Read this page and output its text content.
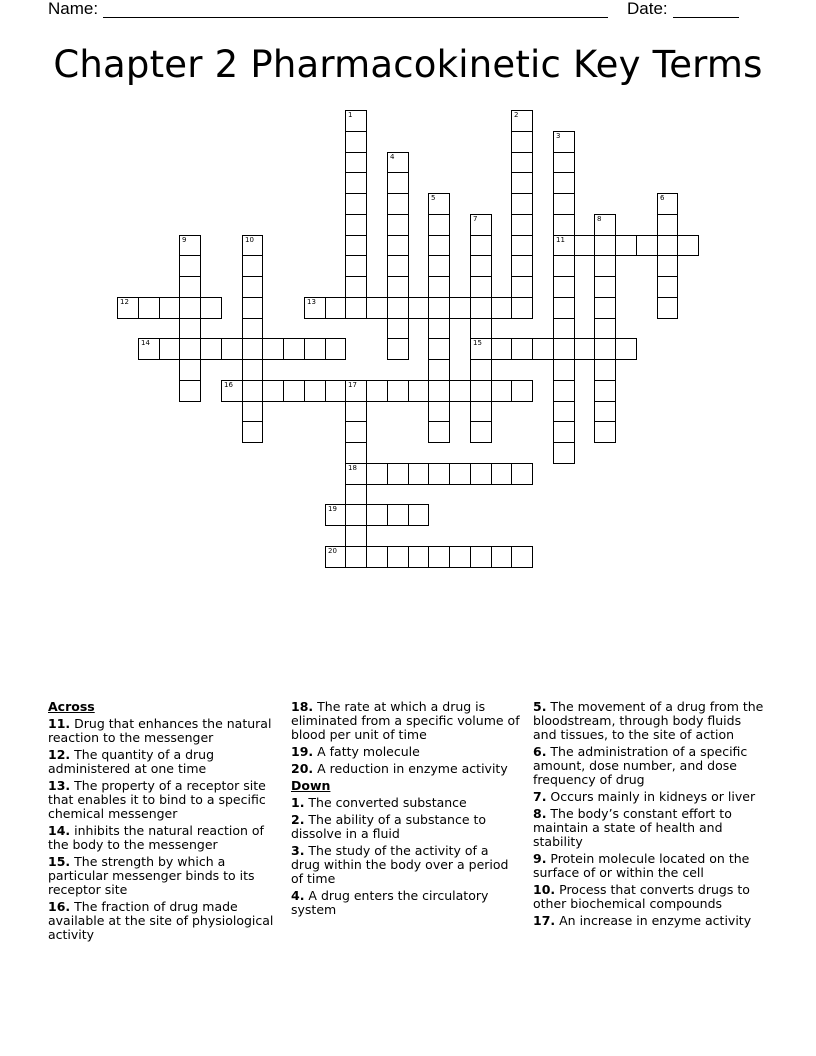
Name:	Date:
Chapter 2 Pharmacokinetic Key Terms
1	2
3
11
4
5	6
7
15
8
9	10
12	13
14
16	17
18
19
20
Across
11. Drug that enhances the natural reaction to the messenger
12. The quantity of a drug administered at one time
13. The property of a receptor site that enables it to bind to a specific chemical messenger
14. inhibits the natural reaction of the body to the messenger
15. The strength by which a particular messenger binds to its receptor site
16. The fraction of drug made available at the site of physiological activity
18. The rate at which a drug is eliminated from a specific volume of blood per unit of time
19. A fatty molecule
20. A reduction in enzyme activity
Down
1. The converted substance
2. The ability of a substance to dissolve in a fluid
3. The study of the activity of a drug within the body over a period of time
4. A drug enters the circulatory system
5. The movement of a drug from the bloodstream, through body fluids and tissues, to the site of action
6. The administration of a specific amount, dose number, and dose frequency of drug
7. Occurs mainly in kidneys or liver
8. The body’s constant effort to maintain a state of health and stability
9. Protein molecule located on the surface of or within the cell
10. Process that converts drugs to other biochemical compounds
17. An increase in enzyme activity
